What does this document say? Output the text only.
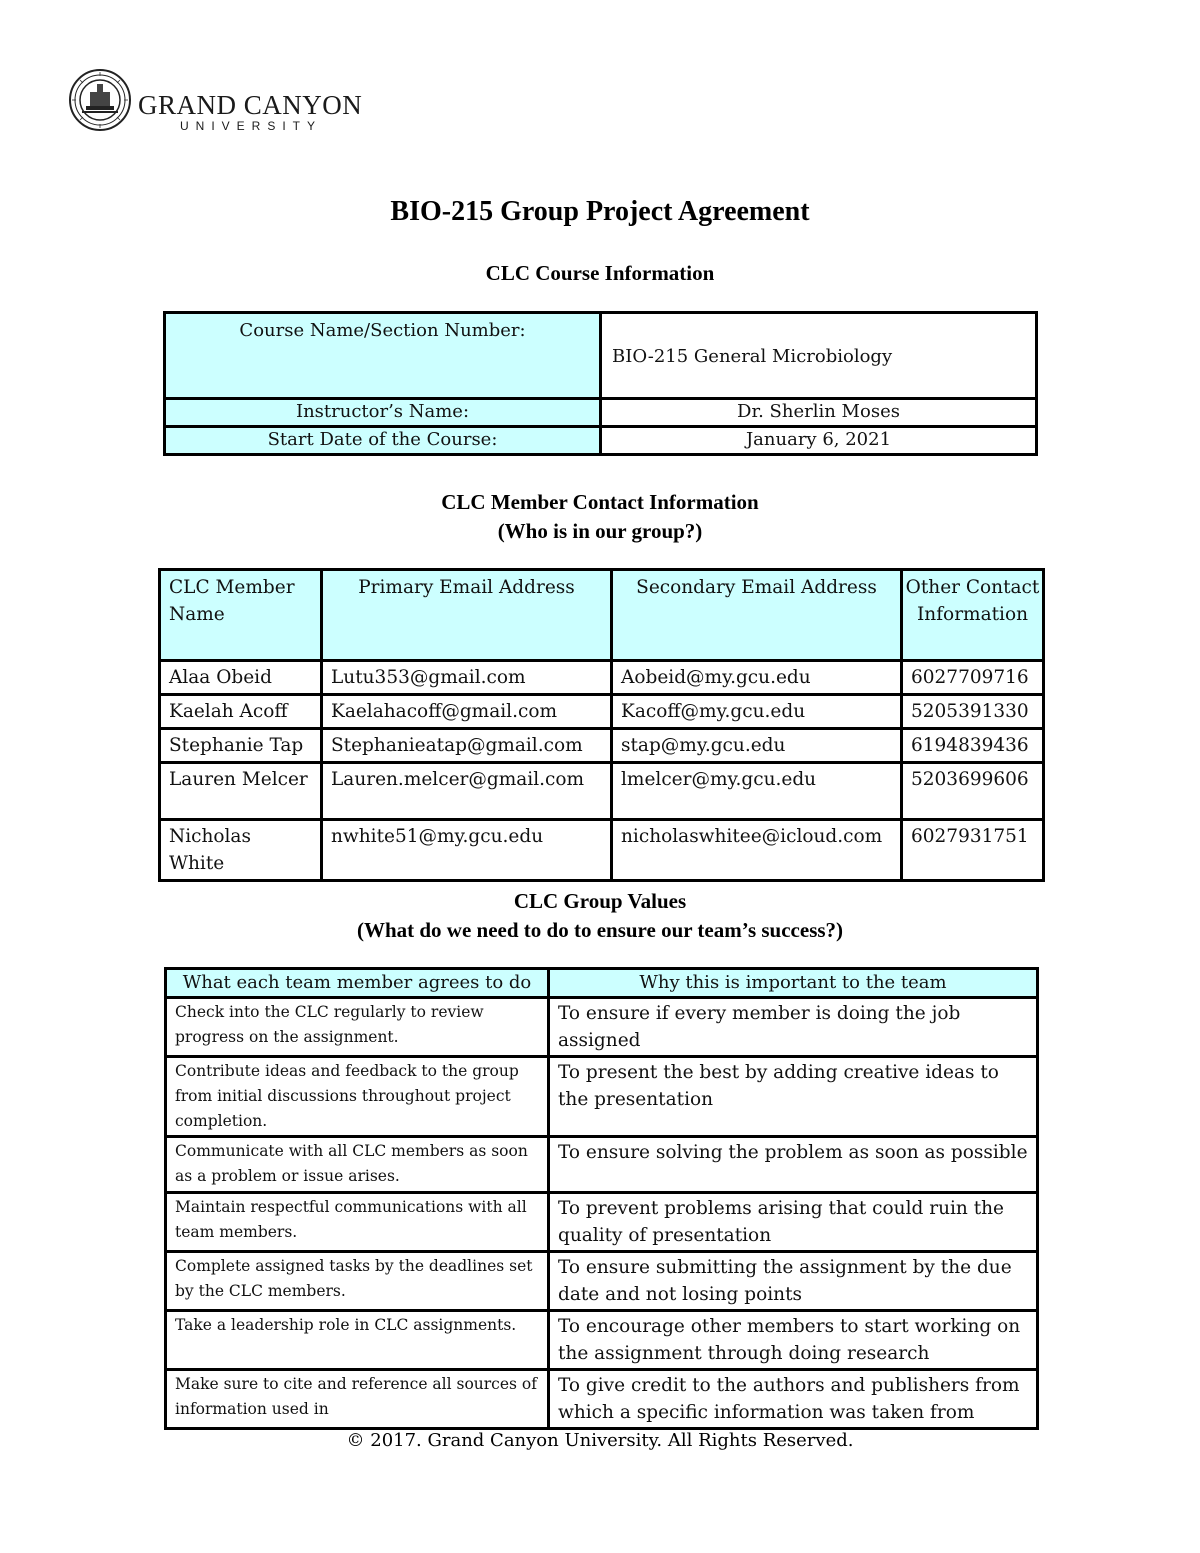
GRAND CANYON
UNIVERSITY
BIO-215 Group Project Agreement
CLC Course Information
Course Name/Section Number:	BIO-215 General Microbiology

Instructor’s Name:	Dr. Sherlin Moses
Start Date of the Course:	January 6, 2021
CLC Member Contact Information
(Who is in our group?)
CLC Member Name	Primary Email Address	Secondary Email Address	Other Contact Information
Alaa Obeid	Lutu353@gmail.com	Aobeid@my.gcu.edu	6027709716
Kaelah Acoff	Kaelahacoff@gmail.com	Kacoff@my.gcu.edu	5205391330
Stephanie Tap	Stephanieatap@gmail.com	stap@my.gcu.edu	6194839436
Lauren Melcer	Lauren.melcer@gmail.com	lmelcer@my.gcu.edu	5203699606
Nicholas White	nwhite51@my.gcu.edu	nicholaswhitee@icloud.com	6027931751
CLC Group Values
(What do we need to do to ensure our team’s success?)
What each team member agrees to do	Why this is important to the team
Check into the CLC regularly to review progress on the assignment.	To ensure if every member is doing the job assigned
Contribute ideas and feedback to the group from initial discussions throughout project completion.	To present the best by adding creative ideas to the presentation
Communicate with all CLC members as soon as a problem or issue arises.	To ensure solving the problem as soon as possible
Maintain respectful communications with all team members.	To prevent problems arising that could ruin the quality of presentation
Complete assigned tasks by the deadlines set by the CLC members.	To ensure submitting the assignment by the due date and not losing points
Take a leadership role in CLC assignments.	To encourage other members to start working on the assignment through doing research
Make sure to cite and reference all sources of information used in	To give credit to the authors and publishers from which a specific information was taken from
© 2017. Grand Canyon University. All Rights Reserved.
